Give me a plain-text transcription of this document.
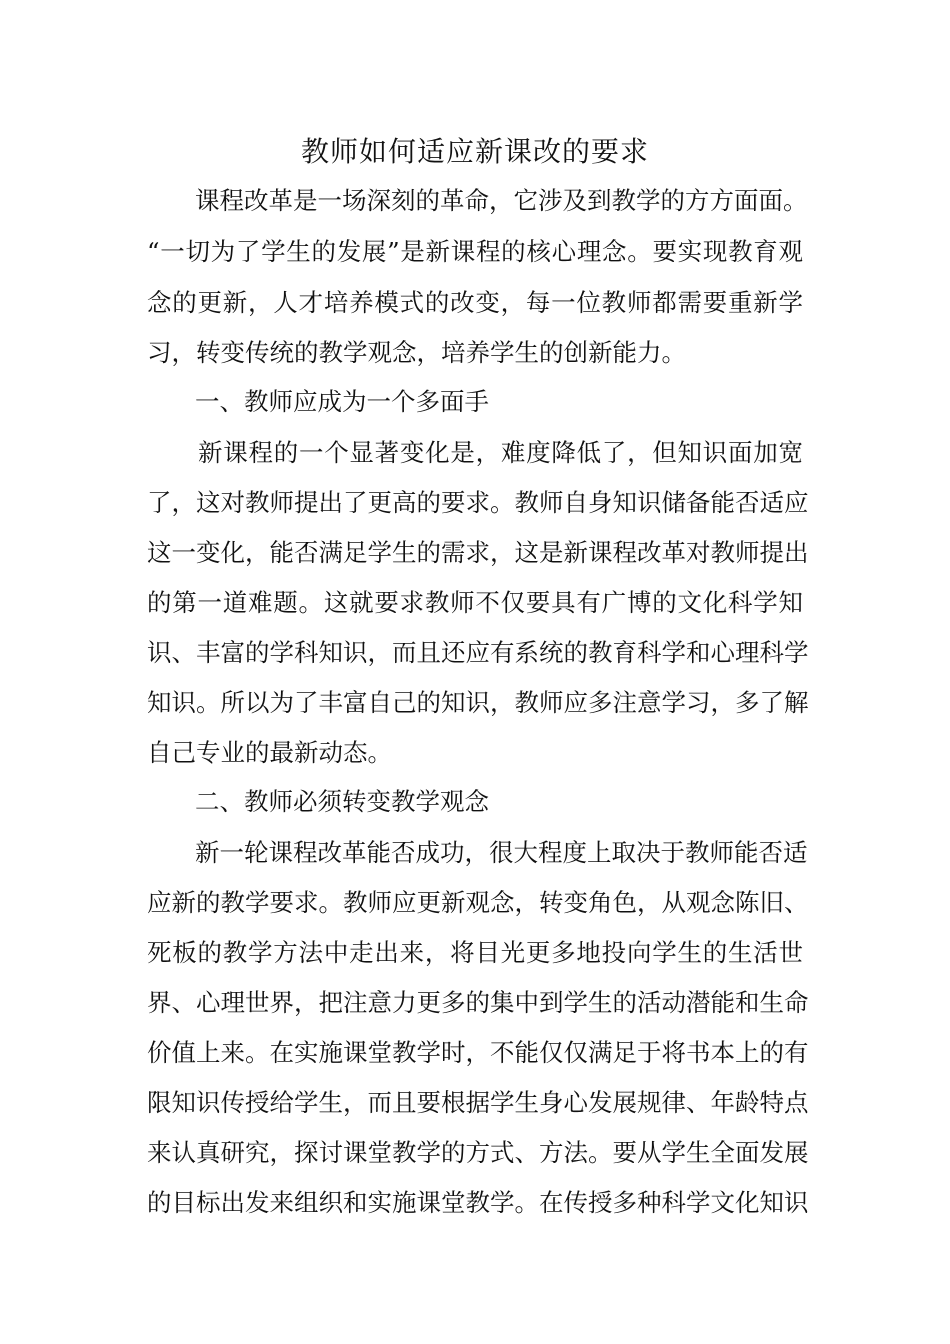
教师如何适应新课改的要求
课程改革是一场深刻的革命，它涉及到教学的方方面面。
“一切为了学生的发展”是新课程的核心理念。要实现教育观
念的更新，人才培养模式的改变，每一位教师都需要重新学
习，转变传统的教学观念，培养学生的创新能力。
一、教师应成为一个多面手
新课程的一个显著变化是，难度降低了，但知识面加宽
了，这对教师提出了更高的要求。教师自身知识储备能否适应
这一变化，能否满足学生的需求，这是新课程改革对教师提出
的第一道难题。这就要求教师不仅要具有广博的文化科学知
识、丰富的学科知识，而且还应有系统的教育科学和心理科学
知识。所以为了丰富自己的知识，教师应多注意学习，多了解
自己专业的最新动态。
二、教师必须转变教学观念
新一轮课程改革能否成功，很大程度上取决于教师能否适
应新的教学要求。教师应更新观念，转变角色，从观念陈旧、
死板的教学方法中走出来，将目光更多地投向学生的生活世
界、心理世界，把注意力更多的集中到学生的活动潜能和生命
价值上来。在实施课堂教学时，不能仅仅满足于将书本上的有
限知识传授给学生，而且要根据学生身心发展规律、年龄特点
来认真研究，探讨课堂教学的方式、方法。要从学生全面发展
的目标出发来组织和实施课堂教学。在传授多种科学文化知识
